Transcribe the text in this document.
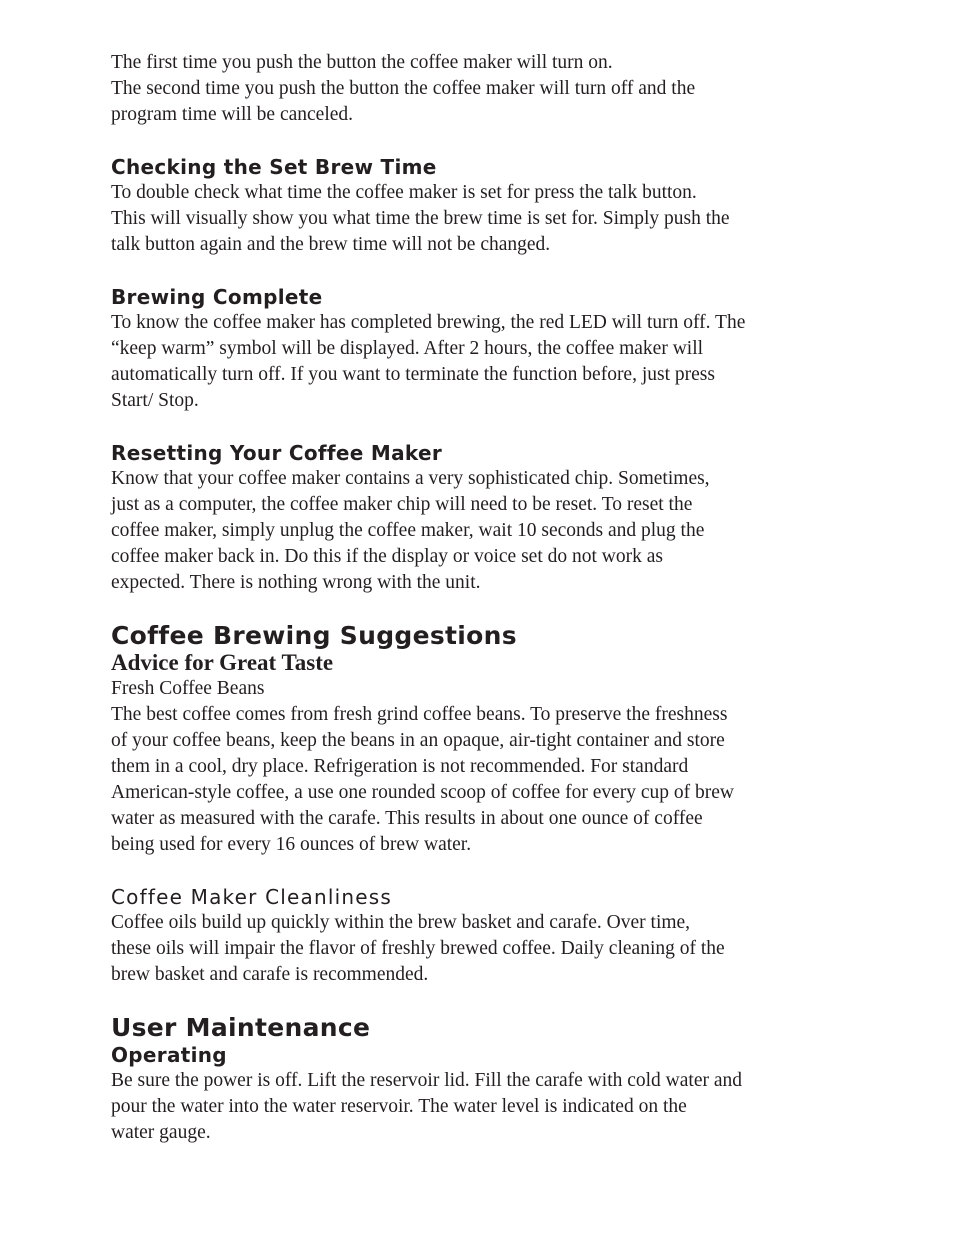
The first time you push the button the coffee maker will turn on.
The second time you push the button the coffee maker will turn off and the
program time will be canceled.

Checking the Set Brew Time

To double check what time the coffee maker is set for press the talk button.
This will visually show you what time the brew time is set for. Simply push the
talk button again and the brew time will not be changed.

Brewing Complete

To know the coffee maker has completed brewing, the red LED will turn off. The
“keep warm” symbol will be displayed. After 2 hours, the coffee maker will
automatically turn off. If you want to terminate the function before, just press
Start/ Stop.

Resetting Your Coffee Maker

Know that your coffee maker contains a very sophisticated chip. Sometimes,
just as a computer, the coffee maker chip will need to be reset. To reset the
coffee maker, simply unplug the coffee maker, wait 10 seconds and plug the
coffee maker back in. Do this if the display or voice set do not work as
expected. There is nothing wrong with the unit.

Coffee Brewing Suggestions
Advice for Great Taste

Fresh Coffee Beans

The best coffee comes from fresh grind coffee beans. To preserve the freshness
of your coffee beans, keep the beans in an opaque, air-tight container and store
them in a cool, dry place. Refrigeration is not recommended. For standard
American-style coffee, a use one rounded scoop of coffee for every cup of brew
water as measured with the carafe. This results in about one ounce of coffee
being used for every 16 ounces of brew water.

Coffee Maker Cleanliness

Coffee oils build up quickly within the brew basket and carafe. Over time,
these oils will impair the flavor of freshly brewed coffee. Daily cleaning of the
brew basket and carafe is recommended.

User Maintenance
Operating

Be sure the power is off. Lift the reservoir lid. Fill the carafe with cold water and
pour the water into the water reservoir. The water level is indicated on the
water gauge.
